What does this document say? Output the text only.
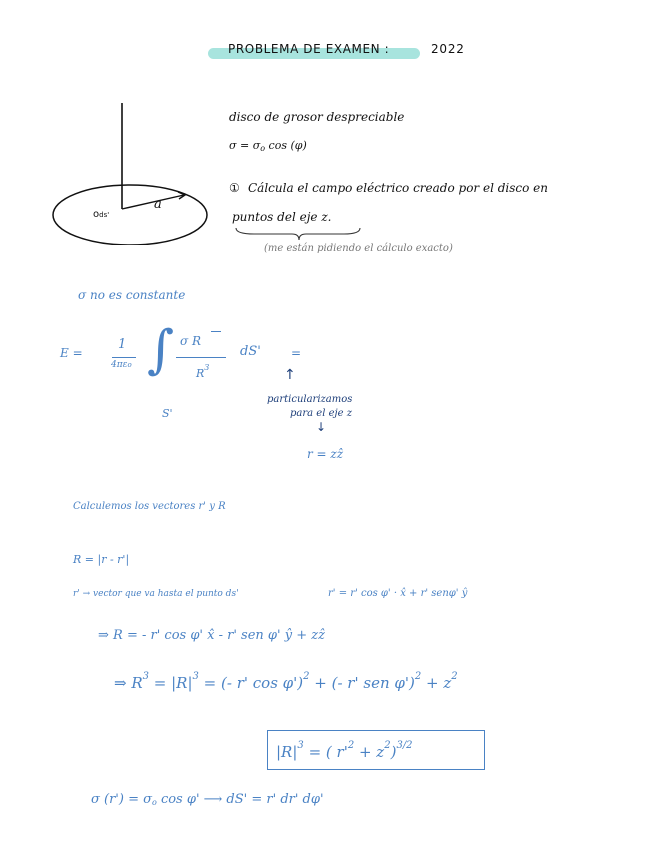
PROBLEMA DE EXAMEN :	2022
a
ods'
disco de grosor despreciable
$\sigma = \sigma_o$ cos (φ)
① Cálcula el campo eléctrico creado por el disco en
puntos del eje z.
(me están pidiendo el cálculo exacto)
σ no es constante
E =
1
4πεo ∫ σ R
$R^3$
dS'	=
S'
↑
particularizamos
para el eje z
↓
r = zẑ
Calculemos los vectores r' y R
R = |r - r'|
r' → vector que va hasta el punto ds'	r' = r' cos φ' · x̂ + r' senφ' ŷ
⇒ R = - r' cos φ' x̂ - r' sen φ' ŷ + zẑ
⇒ $R^3 = |R|^3$ = (- r' cos φ')$^2$ + (- r' sen $\varphi')^2 + z^2$
$|R|^3$ = ( $r'^2 + z^2)^{3/2}$
σ $(r') = \sigma_o$ cos φ' ⟶ dS' = r' dr' dφ'
